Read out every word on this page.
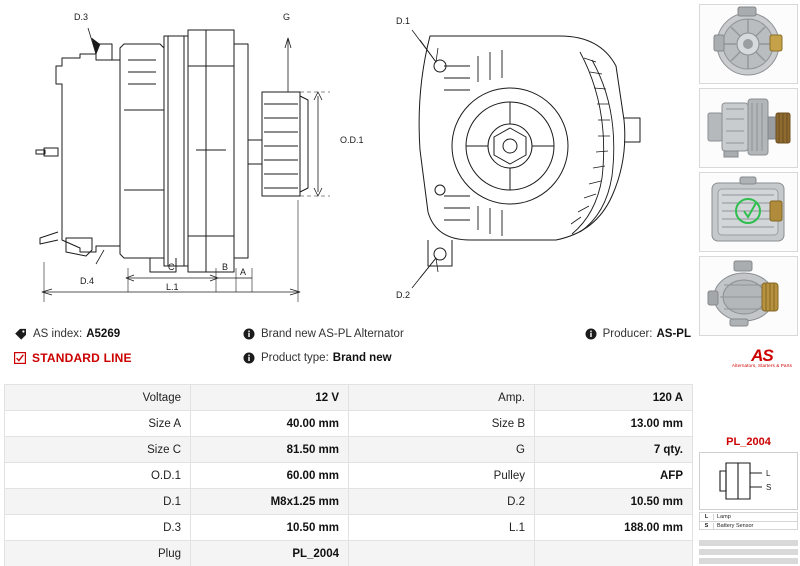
D.3	G
O.D.1
D.4
C	B A
L.1
D.1
D.2
PL_2004
L
S
L	Lamp
S	Battery Sensor
AS index: A5269	Brand new AS-PL Alternator	Producer: AS-PL
STANDARD LINE	Product type: Brand new	AS
Alternators, Starters & Parts
Voltage	12 V	Amp.	120 A
Size A	40.00 mm	Size B	13.00 mm
Size C	81.50 mm	G	7 qty.
O.D.1	60.00 mm	Pulley	AFP
D.1	M8x1.25 mm	D.2	10.50 mm
D.3	10.50 mm	L.1	188.00 mm
Plug	PL_2004		
